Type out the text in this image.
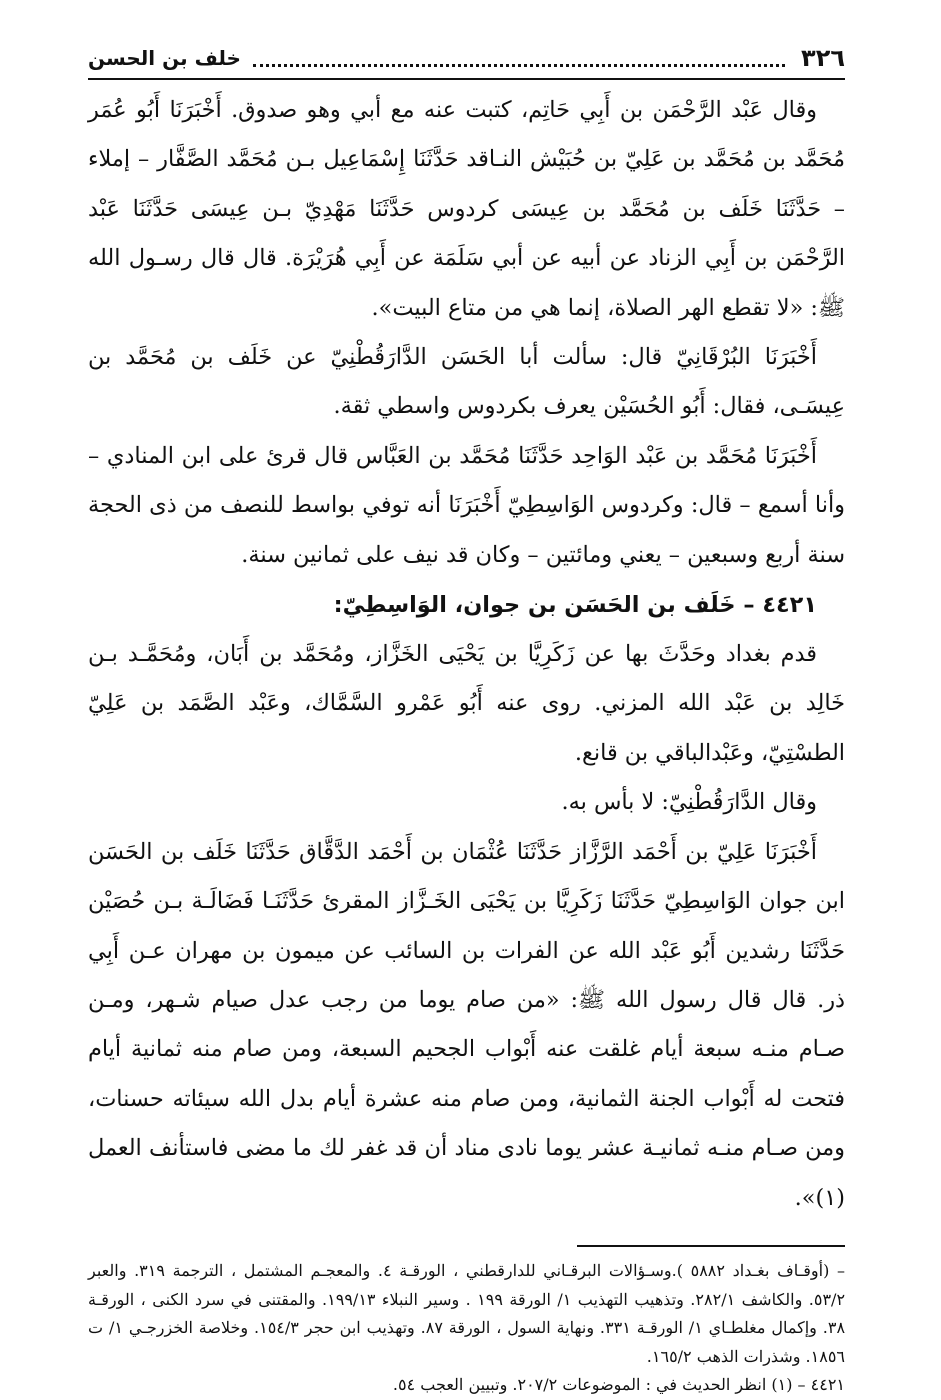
٣٢٦
خلف بن الحسن

وقال عَبْد الرَّحْمَن بن أَبِي حَاتِم، كتبت عنه مع أبي وهو صدوق. أَخْبَرَنَا أَبُو عُمَر مُحَمَّد بن مُحَمَّد بن عَلِيّ بن حُبَيْش النـاقد حَدَّثَنَا إِسْمَاعِيل بـن مُحَمَّد الصَّفَّار – إملاء – حَدَّثَنَا خَلَف بن مُحَمَّد بن عِيسَى كردوس حَدَّثَنَا مَهْدِيّ بـن عِيسَى حَدَّثَنَا عَبْد الرَّحْمَن بن أَبِي الزناد عن أبيه عن أبي سَلَمَة عن أَبِي هُرَيْرَة. قال قال رسـول الله ﷺ: «لا تقطع الهر الصلاة، إنما هي من متاع البيت».

أَخْبَرَنَا البُرْقَانِيّ قال: سألت أبا الحَسَن الدَّارَقُطْنِيّ عن خَلَف بن مُحَمَّد بن عِيسَـى، فقال: أَبُو الحُسَيْن يعرف بكردوس واسطي ثقة.

أَخْبَرَنَا مُحَمَّد بن عَبْد الوَاحِد حَدَّثَنَا مُحَمَّد بن العَبَّاس قال قرئ على ابن المنادي – وأنا أسمع – قال: وكردوس الوَاسِطِيّ أَخْبَرَنَا أنه توفي بواسط للنصف من ذى الحجة سنة أربع وسبعين – يعني ومائتين – وكان قد نيف على ثمانين سنة.

٤٤٢١ – خَلَف بن الحَسَن بن جوان، الوَاسِطِيّ:

قدم بغداد وحَدَّثَ بها عن زَكَرِيَّا بن يَحْيَى الخَزَّاز، ومُحَمَّد بن أَبَان، ومُحَمَّـد بـن خَالِد بن عَبْد الله المزني. روى عنه أَبُو عَمْرو السَّمَّاك، وعَبْد الصَّمَد بن عَلِيّ الطسْتِيّ، وعَبْدالباقي بن قانع.

وقال الدَّارَقُطْنِيّ: لا بأس به.

أَخْبَرَنَا عَلِيّ بن أَحْمَد الرَّزَّاز حَدَّثَنَا عُثْمَان بن أَحْمَد الدَّقَّاق حَدَّثَنَا خَلَف بن الحَسَن ابن جوان الوَاسِطِيّ حَدَّثَنَا زَكَرِيَّا بن يَحْيَى الخَـزَّاز المقرئ حَدَّثَنَـا فَضَالَـة بـن حُصَيْن حَدَّثَنَا رشدين أَبُو عَبْد الله عن الفرات بن السائب عن ميمون بن مهران عـن أَبِي ذر. قال قال رسول الله ﷺ: «من صام يوما من رجب عدل صيام شـهر، ومـن صـام منـه سبعة أيام غلقت عنه أَبْواب الجحيم السبعة، ومن صام منه ثمانية أيام فتحت له أَبْواب الجنة الثمانية، ومن صام منه عشرة أيام بدل الله سيئاته حسنات، ومن صـام منـه ثمانيـة عشر يوما نادى مناد أن قد غفر لك ما مضى فاستأنف العمل (١)».

– (أوقـاف بغـداد ٥٨٨٢ ).وسـؤالات البرقـاني للدارقطني ، الورقـة ٤. والمعجـم المشتمل ، الترجمة ٣١٩. والعبر ٥٣/٢. والكاشف ٢٨٢/١. وتذهيب التهذيب ١/ الورقة ١٩٩ . وسير النبلاء ١٩٩/١٣. والمقتنى في سرد الكنى ، الورقـة ٣٨. وإكمال مغلطـاي ١/ الورقـة ٣٣١. ونهاية السول ، الورقة ٨٧. وتهذيب ابن حجر ١٥٤/٣. وخلاصة الخزرجـي ١/ ت ١٨٥٦. وشذرات الذهب ١٦٥/٢.

٤٤٢١ – (١) انظر الحديث في : الموضوعات ٢٠٧/٢. وتبيين العجب ٥٤.
